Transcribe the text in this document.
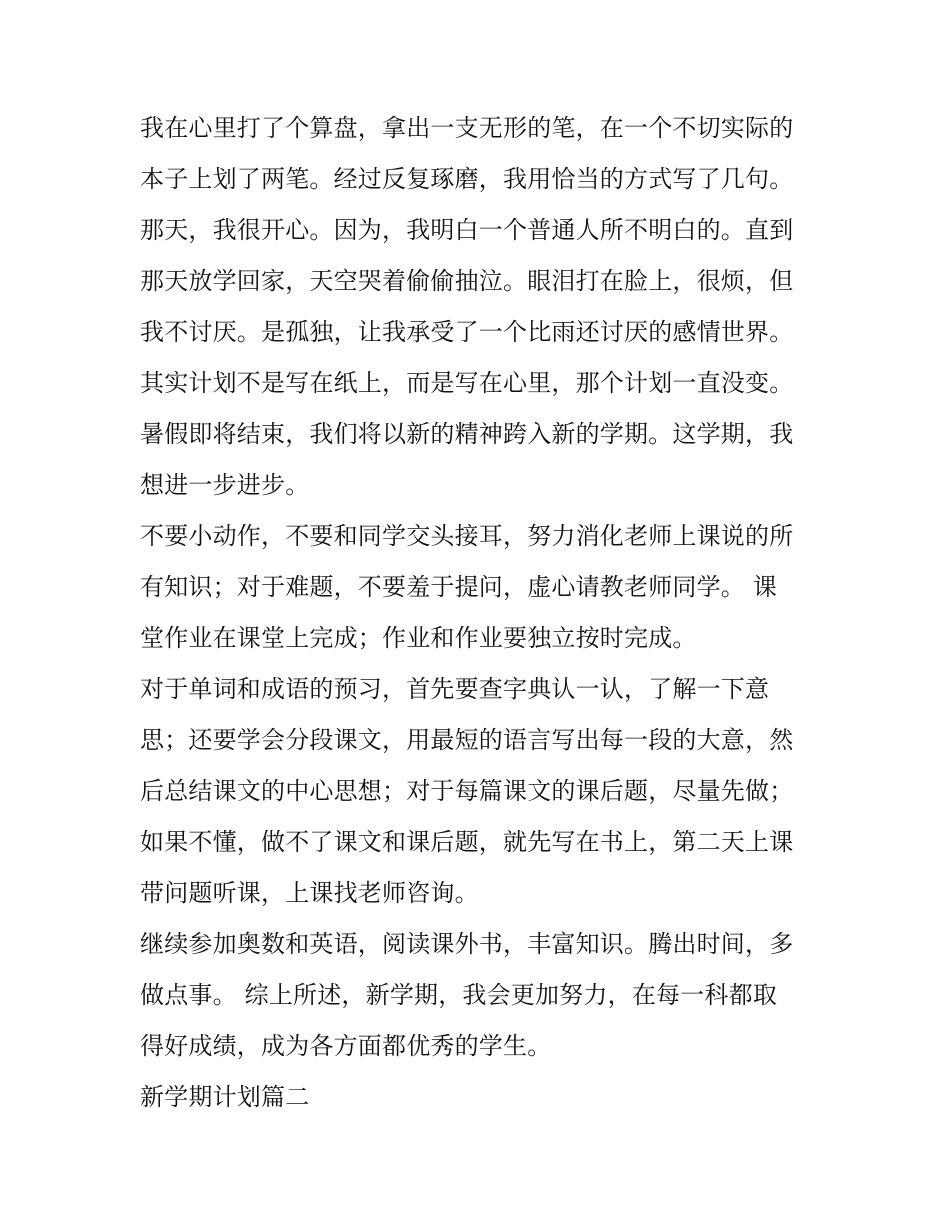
我在心里打了个算盘，拿出一支无形的笔，在一个不切实际的
本子上划了两笔。经过反复琢磨，我用恰当的方式写了几句。
那天，我很开心。因为，我明白一个普通人所不明白的。直到
那天放学回家，天空哭着偷偷抽泣。眼泪打在脸上，很烦，但
我不讨厌。是孤独，让我承受了一个比雨还讨厌的感情世界。
其实计划不是写在纸上，而是写在心里，那个计划一直没变。
暑假即将结束，我们将以新的精神跨入新的学期。这学期，我
想进一步进步。
不要小动作，不要和同学交头接耳，努力消化老师上课说的所
有知识；对于难题，不要羞于提问，虚心请教老师同学。 课
堂作业在课堂上完成；作业和作业要独立按时完成。
对于单词和成语的预习，首先要查字典认一认，了解一下意
思；还要学会分段课文，用最短的语言写出每一段的大意，然
后总结课文的中心思想；对于每篇课文的课后题，尽量先做；
如果不懂，做不了课文和课后题，就先写在书上，第二天上课
带问题听课，上课找老师咨询。
继续参加奥数和英语，阅读课外书，丰富知识。腾出时间，多
做点事。 综上所述，新学期，我会更加努力，在每一科都取
得好成绩，成为各方面都优秀的学生。
新学期计划篇二
